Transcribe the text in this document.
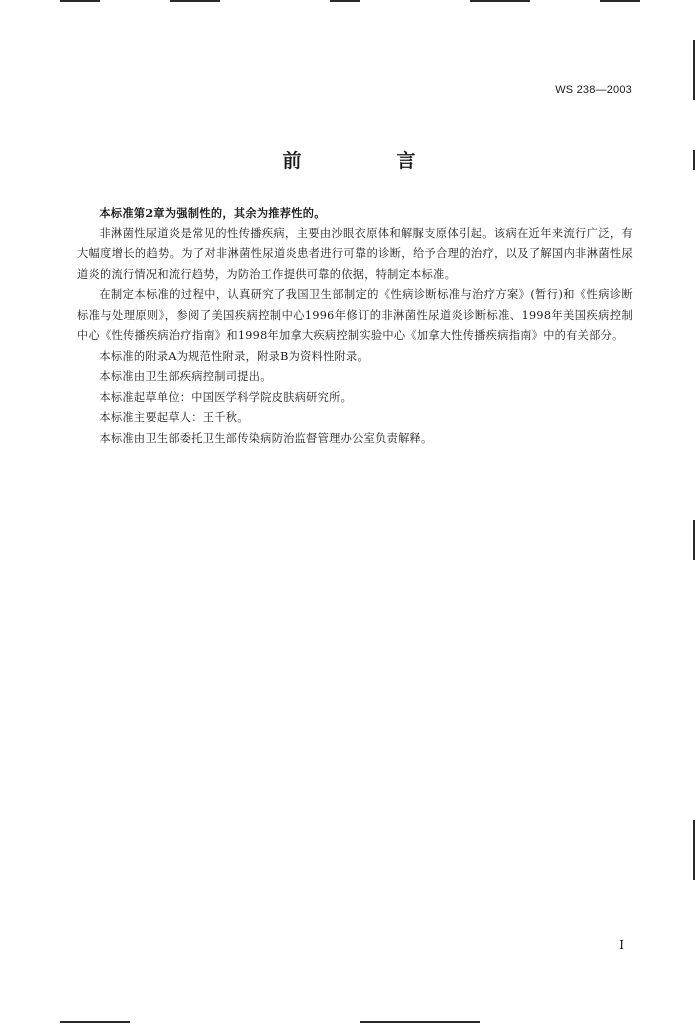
WS 238—2003
前　言

本标准第2章为强制性的，其余为推荐性的。

非淋菌性尿道炎是常见的性传播疾病，主要由沙眼衣原体和解脲支原体引起。该病在近年来流行广泛，有大幅度增长的趋势。为了对非淋菌性尿道炎患者进行可靠的诊断，给予合理的治疗，以及了解国内非淋菌性尿道炎的流行情况和流行趋势，为防治工作提供可靠的依据，特制定本标准。

在制定本标准的过程中，认真研究了我国卫生部制定的《性病诊断标准与治疗方案》(暂行)和《性病诊断标准与处理原则》，参阅了美国疾病控制中心1996年修订的非淋菌性尿道炎诊断标准、1998年美国疾病控制中心《性传播疾病治疗指南》和1998年加拿大疾病控制实验中心《加拿大性传播疾病指南》中的有关部分。

本标准的附录A为规范性附录，附录B为资料性附录。

本标准由卫生部疾病控制司提出。

本标准起草单位：中国医学科学院皮肤病研究所。

本标准主要起草人：王千秋。

本标准由卫生部委托卫生部传染病防治监督管理办公室负责解释。

I
